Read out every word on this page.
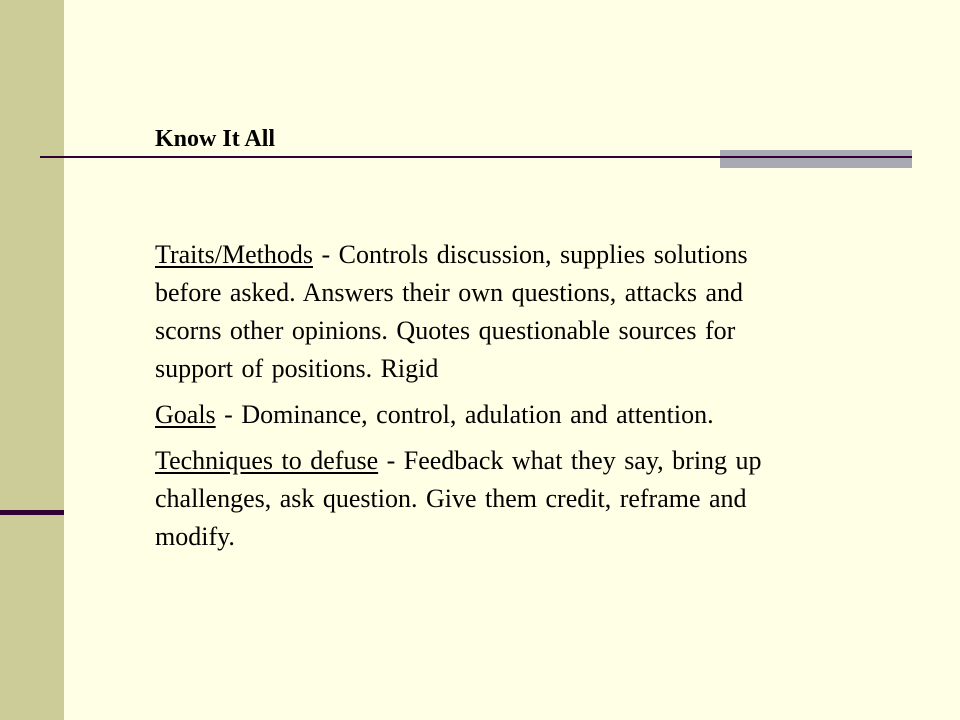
Know It All

Traits/Methods - Controls discussion, supplies solutions before asked. Answers their own questions, attacks and scorns other opinions. Quotes questionable sources for support of positions. Rigid

Goals - Dominance, control, adulation and attention.

Techniques to defuse - Feedback what they say, bring up challenges, ask question. Give them credit, reframe and modify.
